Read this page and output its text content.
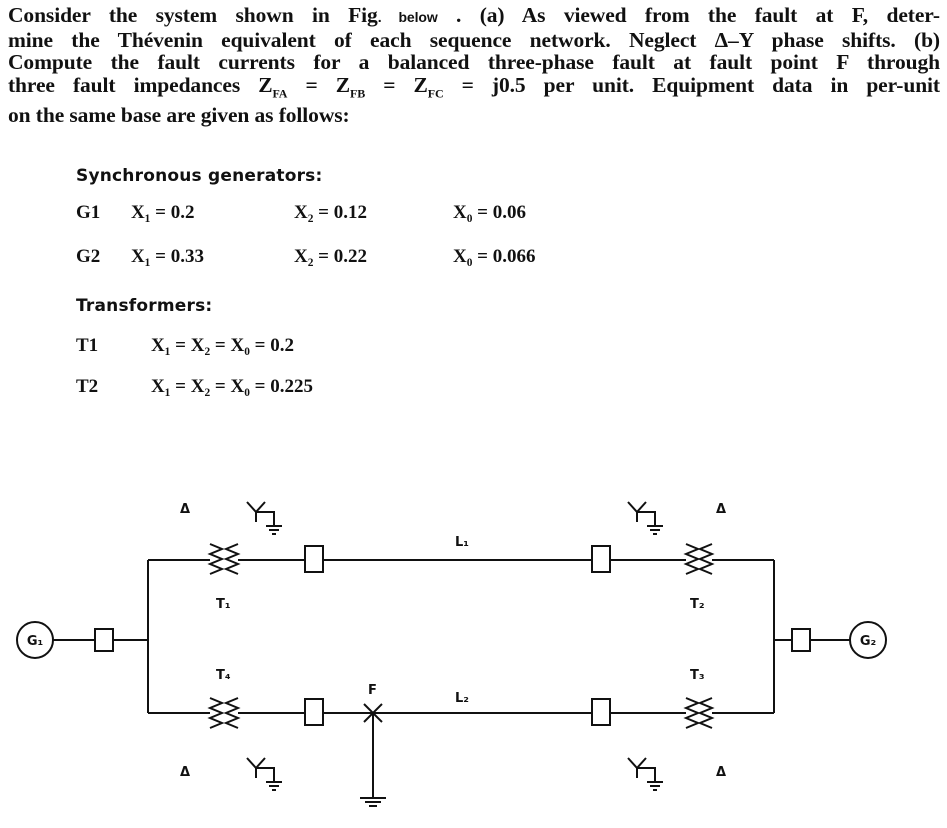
Consider the system shown in Fig. below . (a) As viewed from the fault at F, deter-
mine the Thévenin equivalent of each sequence network. Neglect Δ–Y phase shifts. (b)
Compute the fault currents for a balanced three-phase fault at fault point F through
three fault impedances $Z_{FA} = Z_{FB} = Z_{FC} = j0.5$ per unit. Equipment data in per-unit
on the same base are given as follows:
Synchronous generators:
G1 X₁ = 0.2	X₂ = 0.12	X₀ = 0.06
G2 X₁ = 0.33	X₂ = 0.22	X₀ = 0.066
Transformers:
T1	X₁ = X₂ = X₀ = 0.2
T2	X₁ = X₂ = X₀ = 0.225
G₁
T₁
Δ
L₁
T₂
Δ
G₂
T₄
Δ
L₂
F
T₃
Δ
